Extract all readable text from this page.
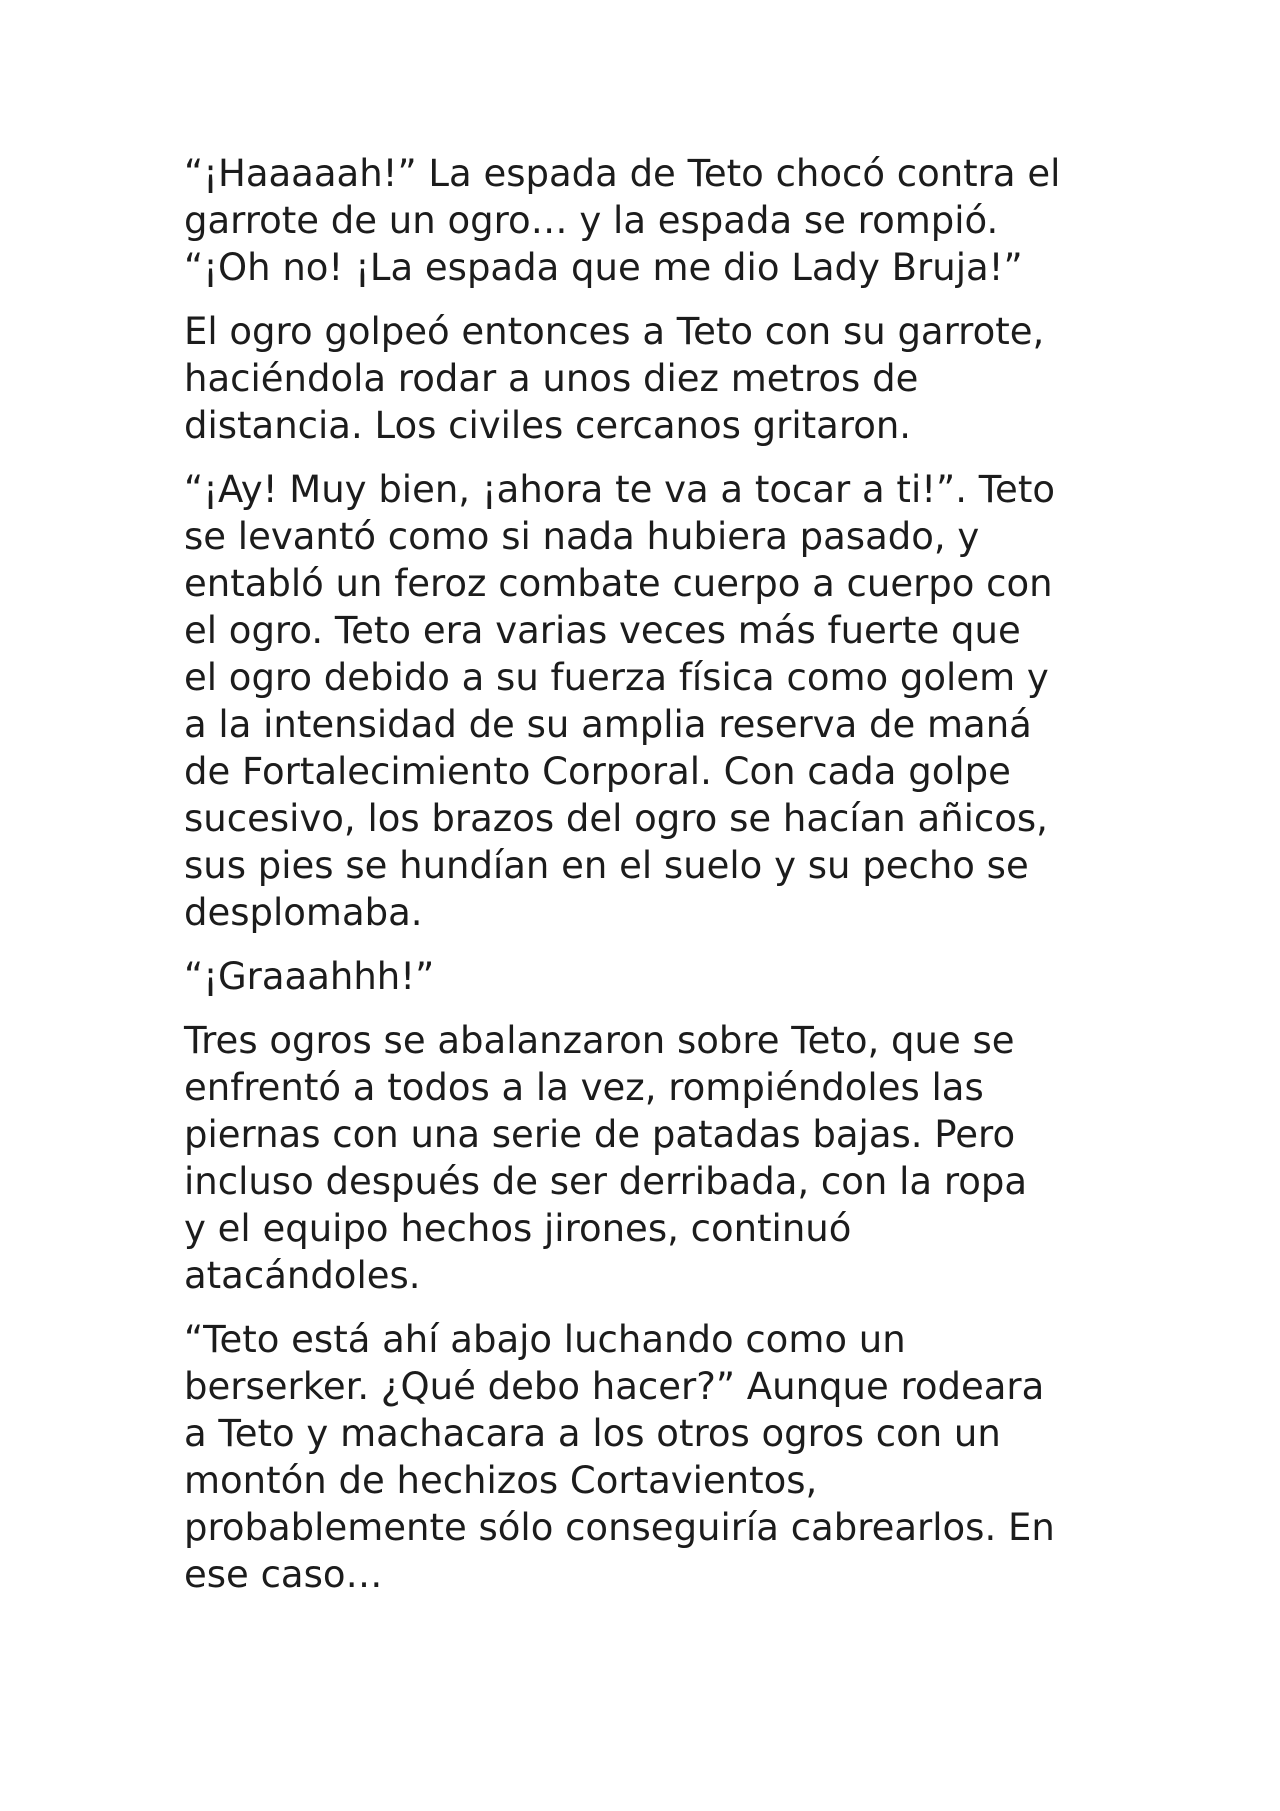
“¡Haaaaah!” La espada de Teto chocó contra el
garrote de un ogro… y la espada se rompió.
“¡Oh no! ¡La espada que me dio Lady Bruja!”

El ogro golpeó entonces a Teto con su garrote,
haciéndola rodar a unos diez metros de
distancia. Los civiles cercanos gritaron.

“¡Ay! Muy bien, ¡ahora te va a tocar a ti!”. Teto
se levantó como si nada hubiera pasado, y
entabló un feroz combate cuerpo a cuerpo con
el ogro. Teto era varias veces más fuerte que
el ogro debido a su fuerza física como golem y
a la intensidad de su amplia reserva de maná
de Fortalecimiento Corporal. Con cada golpe
sucesivo, los brazos del ogro se hacían añicos,
sus pies se hundían en el suelo y su pecho se
desplomaba.

“¡Graaahhh!”

Tres ogros se abalanzaron sobre Teto, que se
enfrentó a todos a la vez, rompiéndoles las
piernas con una serie de patadas bajas. Pero
incluso después de ser derribada, con la ropa
y el equipo hechos jirones, continuó
atacándoles.

“Teto está ahí abajo luchando como un
berserker. ¿Qué debo hacer?” Aunque rodeara
a Teto y machacara a los otros ogros con un
montón de hechizos Cortavientos,
probablemente sólo conseguiría cabrearlos. En
ese caso…
